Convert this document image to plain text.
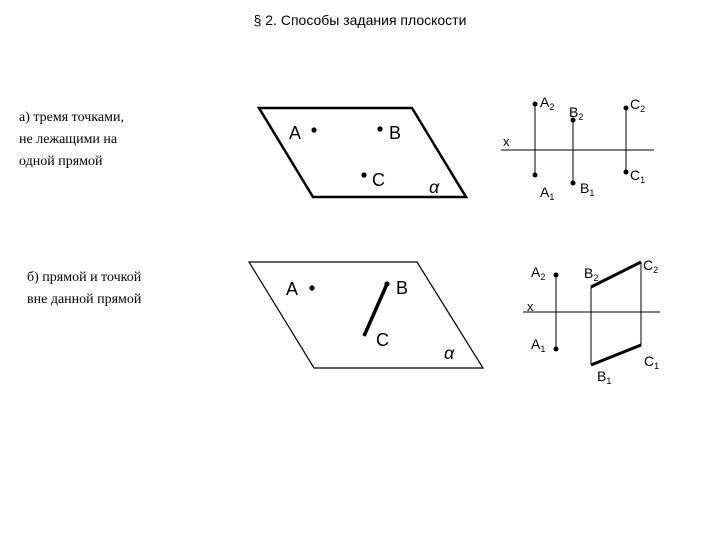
§ 2. Способы задания плоскости
а) тремя точками,
не лежащими на
одной прямой
б) прямой и точкой
вне данной прямой
A	B
C α
x
$A_2$ $B_2$
$C_2$
$A_1$
$B_1$
$C_1$
A	B
C
α
x
$A_2$	$B_2$
$C_2$
$A_1$
$B_1$
$C_1$
